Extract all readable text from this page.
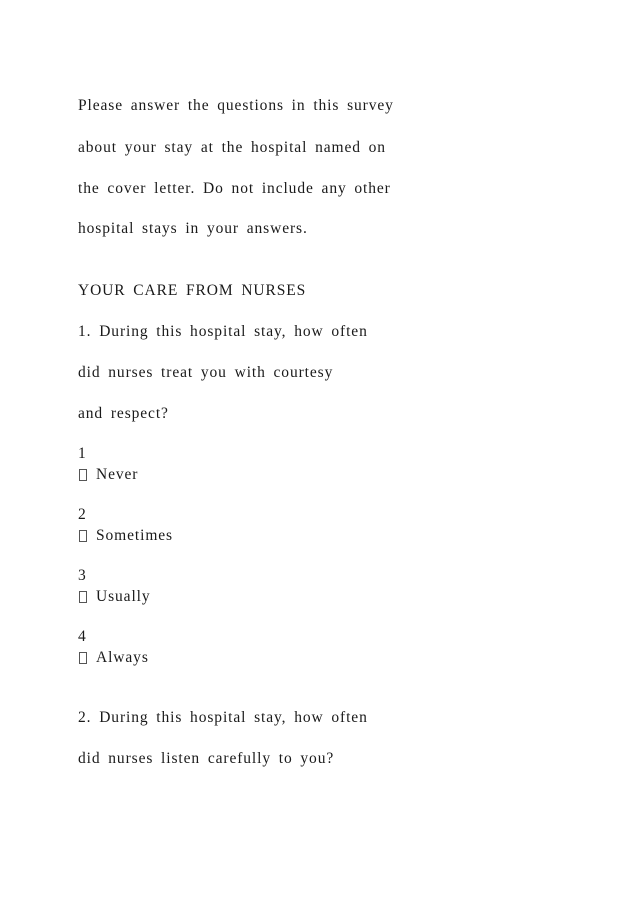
Please answer the questions in this survey
about your stay at the hospital named on
the cover letter. Do not include any other
hospital stays in your answers.
YOUR CARE FROM NURSES
1. During this hospital stay, how often
did nurses treat you with courtesy
and respect?
1
Never
2
Sometimes
3
Usually
4
Always
2. During this hospital stay, how often
did nurses listen carefully to you?
